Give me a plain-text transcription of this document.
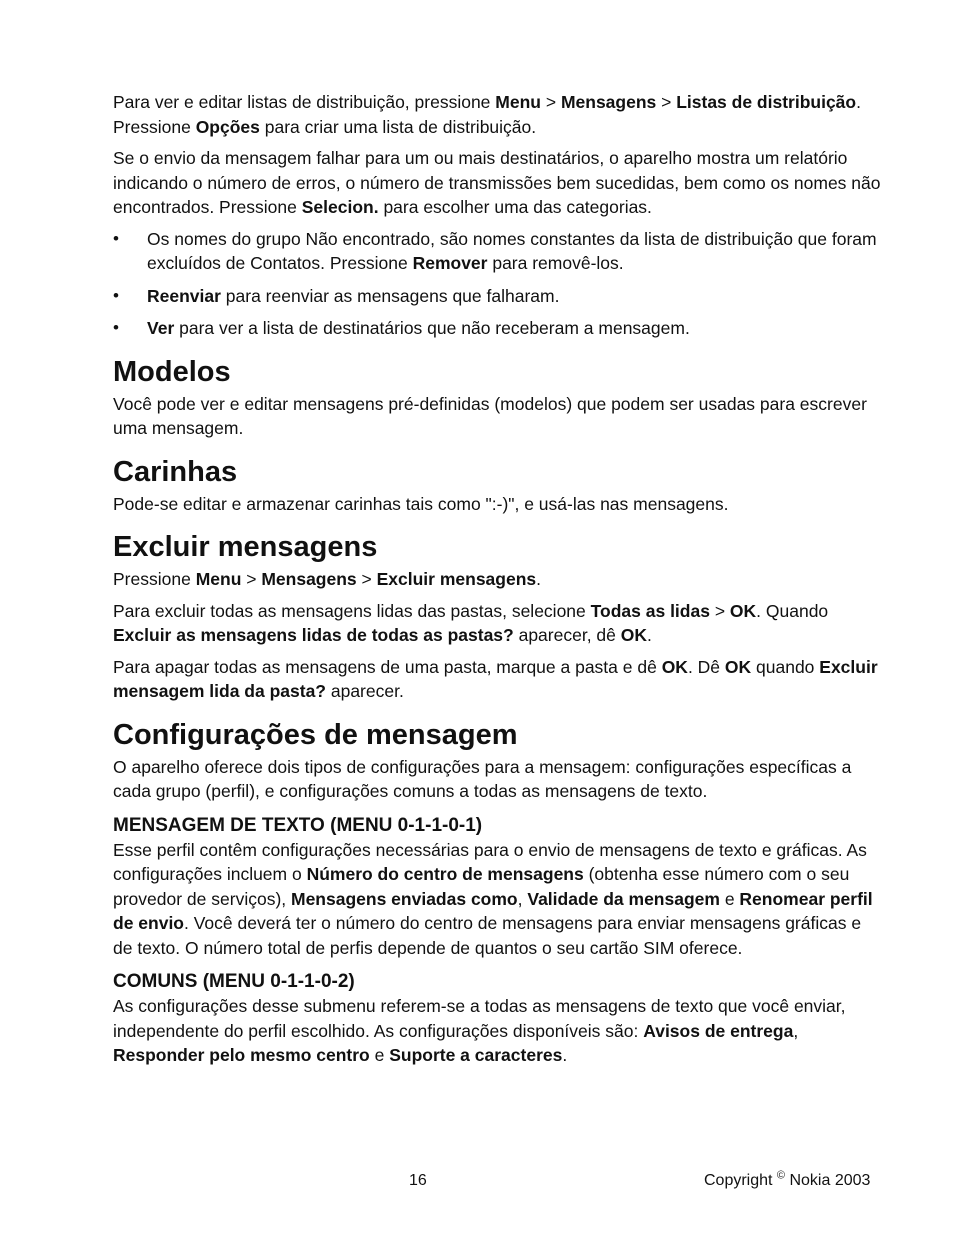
Para ver e editar listas de distribuição, pressione Menu > Mensagens > Listas de distribuição. Pressione Opções para criar uma lista de distribuição.

Se o envio da mensagem falhar para um ou mais destinatários, o aparelho mostra um relatório indicando o número de erros, o número de transmissões bem sucedidas, bem como os nomes não encontrados. Pressione Selecion. para escolher uma das categorias.

• Os nomes do grupo Não encontrado, são nomes constantes da lista de distribuição que foram excluídos de Contatos. Pressione Remover para removê-los.
• Reenviar para reenviar as mensagens que falharam.
• Ver para ver a lista de destinatários que não receberam a mensagem.
Modelos

Você pode ver e editar mensagens pré-definidas (modelos) que podem ser usadas para escrever uma mensagem.

Carinhas

Pode-se editar e armazenar carinhas tais como ":-)", e usá-las nas mensagens.

Excluir mensagens

Pressione Menu > Mensagens > Excluir mensagens.

Para excluir todas as mensagens lidas das pastas, selecione Todas as lidas > OK. Quando Excluir as mensagens lidas de todas as pastas? aparecer, dê OK.

Para apagar todas as mensagens de uma pasta, marque a pasta e dê OK. Dê OK quando Excluir mensagem lida da pasta? aparecer.

Configurações de mensagem

O aparelho oferece dois tipos de configurações para a mensagem: configurações específicas a cada grupo (perfil), e configurações comuns a todas as mensagens de texto.

MENSAGEM DE TEXTO (MENU 0-1-1-0-1)

Esse perfil contêm configurações necessárias para o envio de mensagens de texto e gráficas. As configurações incluem o Número do centro de mensagens (obtenha esse número com o seu provedor de serviços), Mensagens enviadas como, Validade da mensagem e Renomear perfil de envio. Você deverá ter o número do centro de mensagens para enviar mensagens gráficas e de texto. O número total de perfis depende de quantos o seu cartão SIM oferece.

COMUNS (MENU 0-1-1-0-2)

As configurações desse submenu referem-se a todas as mensagens de texto que você enviar, independente do perfil escolhido. As configurações disponíveis são: Avisos de entrega, Responder pelo mesmo centro e Suporte a caracteres.

16	Copyright © Nokia 2003
